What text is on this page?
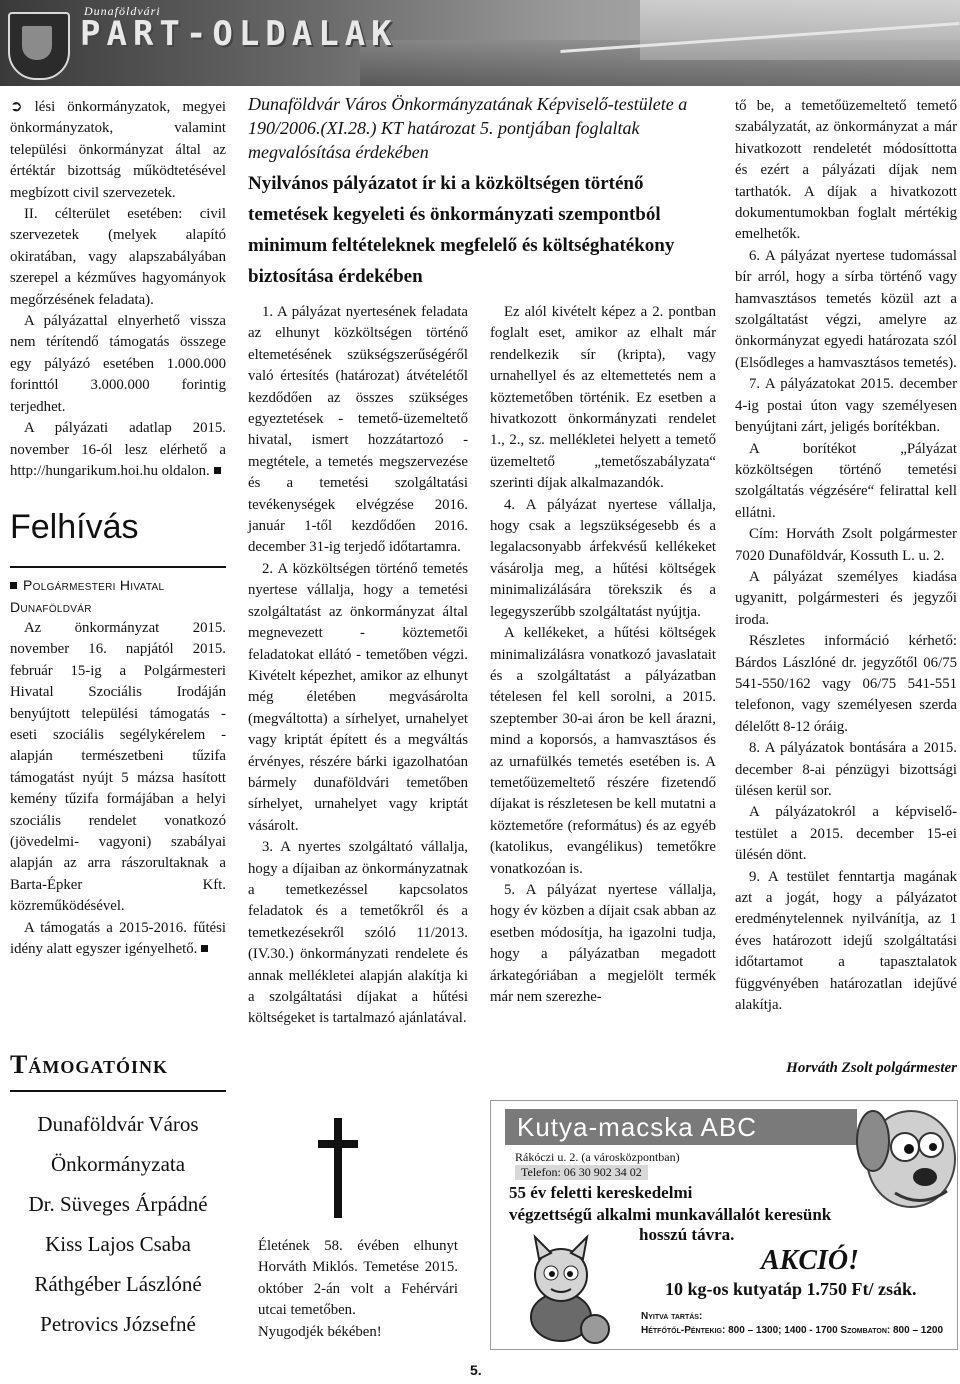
Dunaföldvári
PART-OLDALAK

➲ lési önkormányzatok, megyei önkormányzatok, valamint települési önkormányzat által az értéktár bizottság működtetésével megbízott civil szervezetek.

II. célterület esetében: civil szervezetek (melyek alapító okiratában, vagy alapszabályában szerepel a kézműves hagyományok megőrzésének feladata).

A pályázattal elnyerhető vissza nem térítendő támogatás összege egy pályázó esetében 1.000.000 forinttól 3.000.000 forintig terjedhet.

A pályázati adatlap 2015. november 16-ól lesz elérhető a http://hungarikum.hoi.hu oldalon.

Felhívás
Polgármesteri Hivatal
Dunaföldvár

Az önkormányzat 2015. november 16. napjától 2015. február 15-ig a Polgármesteri Hivatal Szociális Irodáján benyújtott települési támogatás - eseti szociális segélykérelem - alapján természetbeni tűzifa támogatást nyújt 5 mázsa hasított kemény tűzifa formájában a helyi szociális rendelet vonatkozó (jövedelmi- vagyoni) szabályai alapján az arra rászorultaknak a Barta-Épker Kft. közreműködésével.

A támogatás a 2015-2016. fűtési idény alatt egyszer igényelhető.

Támogatóink
Dunaföldvár Város
Önkormányzata
Dr. Süveges Árpádné
Kiss Lajos Csaba
Ráthgéber Lászlóné
Petrovics Józsefné
Dunaföldvár Város Önkormányzatának Képviselő-testülete a 190/2006.(XI.28.) KT határozat 5. pontjában foglaltak megvalósítása érdekében
Nyilvános pályázatot ír ki a közköltségen történő temetések kegyeleti és önkormányzati szempontból minimum feltételeknek megfelelő és költséghatékony biztosítása érdekében

1. A pályázat nyertesének feladata az elhunyt közköltségen történő eltemetésének szükségszerűségéről való értesítés (határozat) átvételétől kezdődően az összes szükséges egyeztetések - temető-üzemeltető hivatal, ismert hozzátartozó - megtétele, a temetés megszervezése és a temetési szolgáltatási tevékenységek elvégzése 2016. január 1-től kezdődően 2016. december 31-ig terjedő időtartamra.

2. A közköltségen történő temetés nyertese vállalja, hogy a temetési szolgáltatást az önkormányzat által megnevezett - köztemetői feladatokat ellátó - temetőben végzi. Kivételt képezhet, amikor az elhunyt még életében megvásárolta (megváltotta) a sírhelyet, urnahelyet vagy kriptát épített és a megváltás érvényes, részére bárki igazolhatóan bármely dunaföldvári temetőben sírhelyet, urnahelyet vagy kriptát vásárolt.

3. A nyertes szolgáltató vállalja, hogy a díjaiban az önkormányzatnak a temetkezéssel kapcsolatos feladatok és a temetőkről és a temetkezésekről szóló 11/2013. (IV.30.) önkormányzati rendelete és annak mellékletei alapján alakítja ki a szolgáltatási díjakat a hűtési költségeket is tartalmazó ajánlatával.

Ez alól kivételt képez a 2. pontban foglalt eset, amikor az elhalt már rendelkezik sír (kripta), vagy urnahellyel és az eltemettetés nem a köztemetőben történik. Ez esetben a hivatkozott önkormányzati rendelet 1., 2., sz. mellékletei helyett a temető üzemeltető „temetőszabályzata“ szerinti díjak alkalmazandók.

4. A pályázat nyertese vállalja, hogy csak a legszükségesebb és a legalacsonyabb árfekvésű kellékeket vásárolja meg, a hűtési költségek minimalizálására törekszik és a legegyszerűbb szolgáltatást nyújtja.

A kellékeket, a hűtési költségek minimalizálásra vonatkozó javaslatait és a szolgáltatást a pályázatban tételesen fel kell sorolni, a 2015. szeptember 30-ai áron be kell árazni, mind a koporsós, a hamvasztásos és az urnafülkés temetés esetében is. A temetőüzemeltető részére fizetendő díjakat is részletesen be kell mutatni a köztemetőre (református) és az egyéb (katolikus, evangélikus) temetőkre vonatkozóan is.

5. A pályázat nyertese vállalja, hogy év közben a díjait csak abban az esetben módosítja, ha igazolni tudja, hogy a pályázatban megadott árkategóriában a megjelölt termék már nem szerezhe-

tő be, a temetőüzemeltető temető szabályzatát, az önkormányzat a már hivatkozott rendeletét módosíttotta és ezért a pályázati díjak nem tarthatók. A díjak a hivatkozott dokumentumokban foglalt mértékig emelhetők.

6. A pályázat nyertese tudomással bír arról, hogy a sírba történő vagy hamvasztásos temetés közül azt a szolgáltatást végzi, amelyre az önkormányzat egyedi határozata szól (Elsődleges a hamvasztásos temetés).

7. A pályázatokat 2015. december 4-ig postai úton vagy személyesen benyújtani zárt, jeligés borítékban.

A borítékot „Pályázat közköltségen történő temetési szolgáltatás végzésére“ felirattal kell ellátni.

Cím: Horváth Zsolt polgármester 7020 Dunaföldvár, Kossuth L. u. 2.

A pályázat személyes kiadása ugyanitt, polgármesteri és jegyzői iroda.

Részletes információ kérhető: Bárdos Lászlóné dr. jegyzőtől 06/75 541-550/162 vagy 06/75 541-551 telefonon, vagy személyesen szerda délelőtt 8-12 óráig.

8. A pályázatok bontására a 2015. december 8-ai pénzügyi bizottsági ülésen kerül sor.

A pályázatokról a képviselő-testület a 2015. december 15-ei ülésén dönt.

9. A testület fenntartja magának azt a jogát, hogy a pályázatot eredménytelennek nyilvánítja, az 1 éves határozott idejű szolgáltatási időtartamot a tapasztalatok függvényében határozatlan idejűvé alakítja.

Horváth Zsolt polgármester

Életének 58. évében elhunyt Horváth Miklós. Temetése 2015. október 2-án volt a Fehérvári utcai temetőben.

Nyugodjék békében!

Kutya-macska ABC
Rákóczi u. 2. (a városközpontban)
Telefon: 06 30 902 34 02
55 év feletti kereskedelmi
végzettségű alkalmi munkavállalót keresünk
hosszú távra.
AKCIÓ!
10 kg-os kutyatáp 1.750 Ft/ zsák.
Nyitva tartás:
Hétfőtől-Péntekig: 800 – 1300; 1400 - 1700 Szombaton: 800 – 1200
5.
